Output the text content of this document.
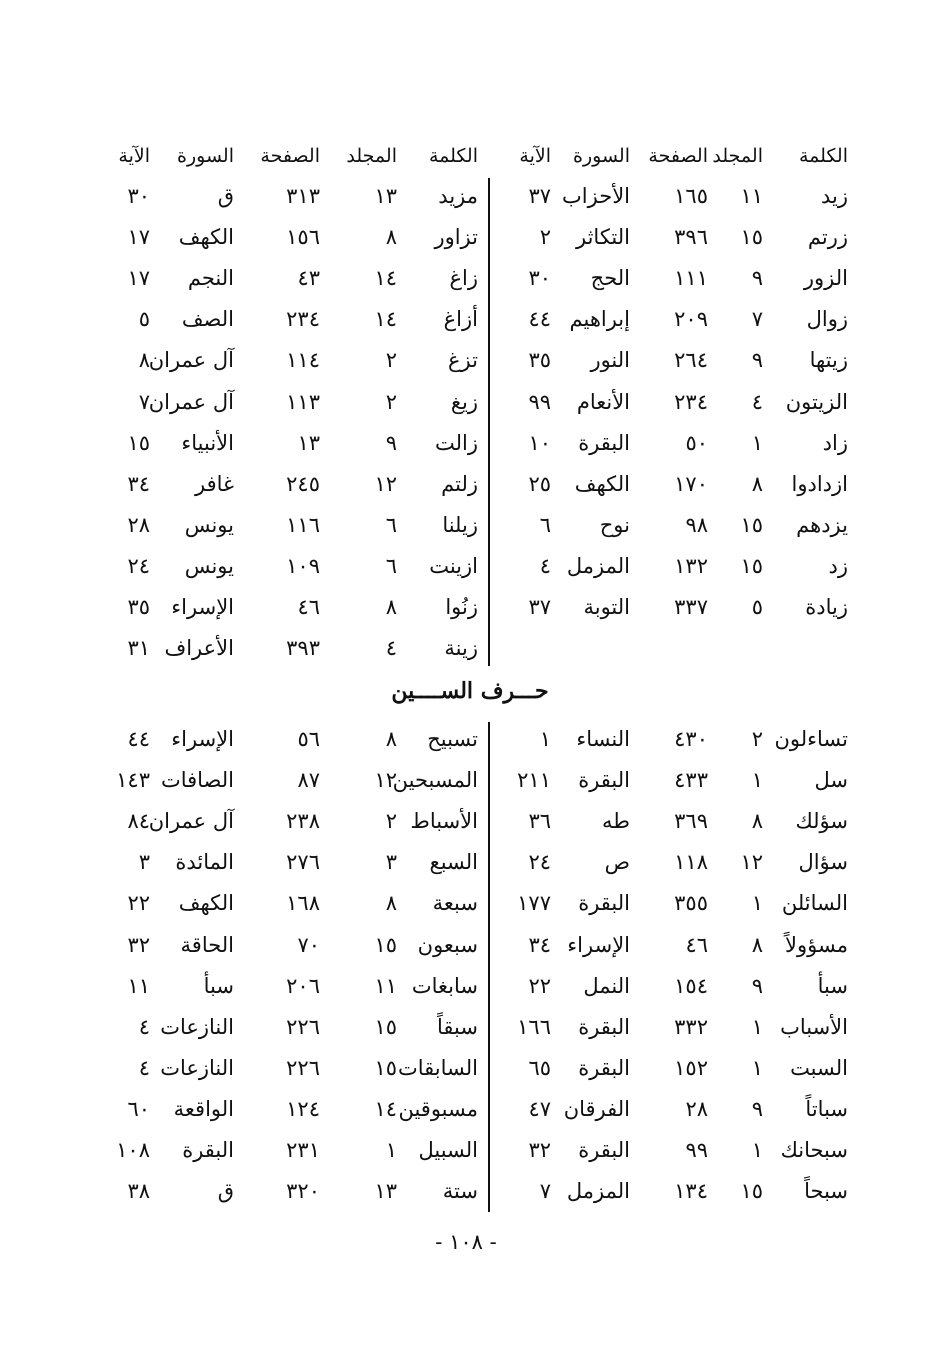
الكلمة
المجلد
الصفحة
السورة
الآية
الكلمة
المجلد
الصفحة
السورة
الآية
زيد
١١
١٦٥
الأحزاب
٣٧
زرتم
١٥
٣٩٦
التكاثر
٢
الزور
٩
١١١
الحج
٣٠
زوال
٧
٢٠٩
إبراهيم
٤٤
زيتها
٩
٢٦٤
النور
٣٥
الزيتون
٤
٢٣٤
الأنعام
٩٩
زاد
١
٥٠
البقرة
١٠
ازدادوا
٨
١٧٠
الكهف
٢٥
يزدهم
١٥
٩٨
نوح
٦
زد
١٥
١٣٢
المزمل
٤
زيادة
٥
٣٣٧
التوبة
٣٧
مزيد
١٣
٣١٣
ق
٣٠
تزاور
٨
١٥٦
الكهف
١٧
زاغ
١٤
٤٣
النجم
١٧
أزاغ
١٤
٢٣٤
الصف
٥
تزغ
٢
١١٤
آل عمران
٨
زيغ
٢
١١٣
آل عمران
٧
زالت
٩
١٣
الأنبياء
١٥
زلتم
١٢
٢٤٥
غافر
٣٤
زيلنا
٦
١١٦
يونس
٢٨
ازينت
٦
١٠٩
يونس
٢٤
زنُوا
٨
٤٦
الإسراء
٣٥
زينة
٤
٣٩٣
الأعراف
٣١
تساءلون
٢
٤٣٠
النساء
١
سل
١
٤٣٣
البقرة
٢١١
سؤلك
٨
٣٦٩
طه
٣٦
سؤال
١٢
١١٨
ص
٢٤
السائلن
١
٣٥٥
البقرة
١٧٧
مسؤولاً
٨
٤٦
الإسراء
٣٤
سبأ
٩
١٥٤
النمل
٢٢
الأسباب
١
٣٣٢
البقرة
١٦٦
السبت
١
١٥٢
البقرة
٦٥
سباتاً
٩
٢٨
الفرقان
٤٧
سبحانك
١
٩٩
البقرة
٣٢
سبحاً
١٥
١٣٤
المزمل
٧
تسبيح
٨
٥٦
الإسراء
٤٤
المسبحين
١٢
٨٧
الصافات
١٤٣
الأسباط
٢
٢٣٨
آل عمران
٨٤
السبع
٣
٢٧٦
المائدة
٣
سبعة
٨
١٦٨
الكهف
٢٢
سبعون
١٥
٧٠
الحاقة
٣٢
سابغات
١١
٢٠٦
سبأ
١١
سبقاً
١٥
٢٢٦
النازعات
٤
السابقات
١٥
٢٢٦
النازعات
٤
مسبوقين
١٤
١٢٤
الواقعة
٦٠
السبيل
١
٢٣١
البقرة
١٠٨
ستة
١٣
٣٢٠
ق
٣٨
حـــرف الســــين
- ١٠٨ -
